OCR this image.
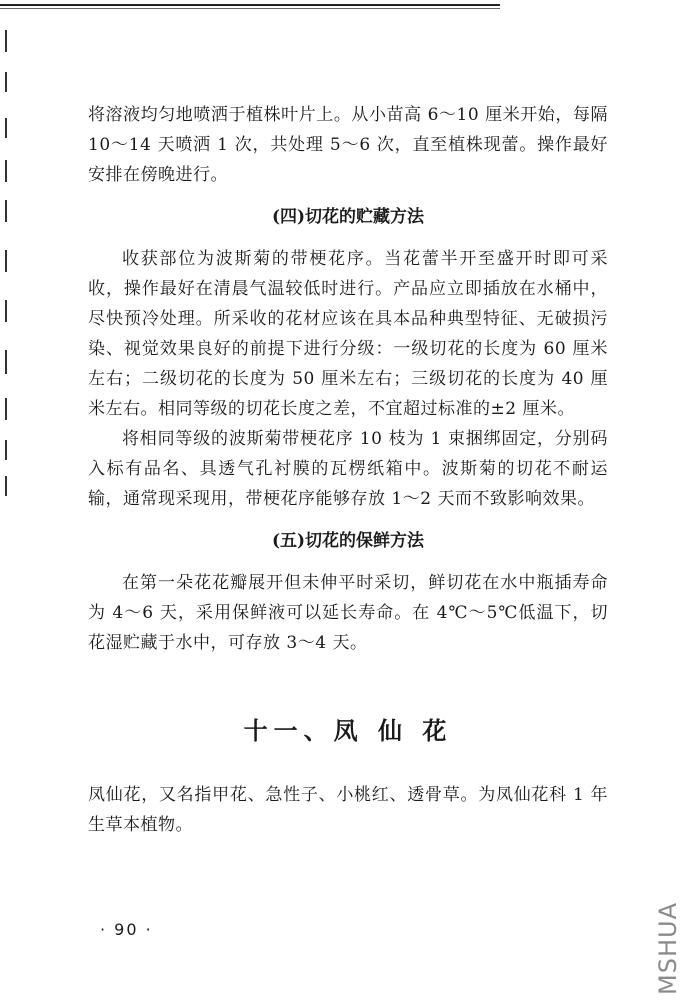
将溶液均匀地喷洒于植株叶片上。从小苗高 6～10 厘米开始，每隔 10～14 天喷洒 1 次，共处理 5～6 次，直至植株现蕾。操作最好安排在傍晚进行。

(四)切花的贮藏方法

收获部位为波斯菊的带梗花序。当花蕾半开至盛开时即可采收，操作最好在清晨气温较低时进行。产品应立即插放在水桶中，尽快预冷处理。所采收的花材应该在具本品种典型特征、无破损污染、视觉效果良好的前提下进行分级：一级切花的长度为 60 厘米左右；二级切花的长度为 50 厘米左右；三级切花的长度为 40 厘米左右。相同等级的切花长度之差，不宜超过标准的±2 厘米。

将相同等级的波斯菊带梗花序 10 枝为 1 束捆绑固定，分别码入标有品名、具透气孔衬膜的瓦楞纸箱中。波斯菊的切花不耐运输，通常现采现用，带梗花序能够存放 1～2 天而不致影响效果。

(五)切花的保鲜方法

在第一朵花花瓣展开但未伸平时采切，鲜切花在水中瓶插寿命为 4～6 天，采用保鲜液可以延长寿命。在 4℃～5℃低温下，切花湿贮藏于水中，可存放 3～4 天。

十一、凤 仙 花

凤仙花，又名指甲花、急性子、小桃红、透骨草。为凤仙花科 1 年生草本植物。

· 90 ·	MSHUA
